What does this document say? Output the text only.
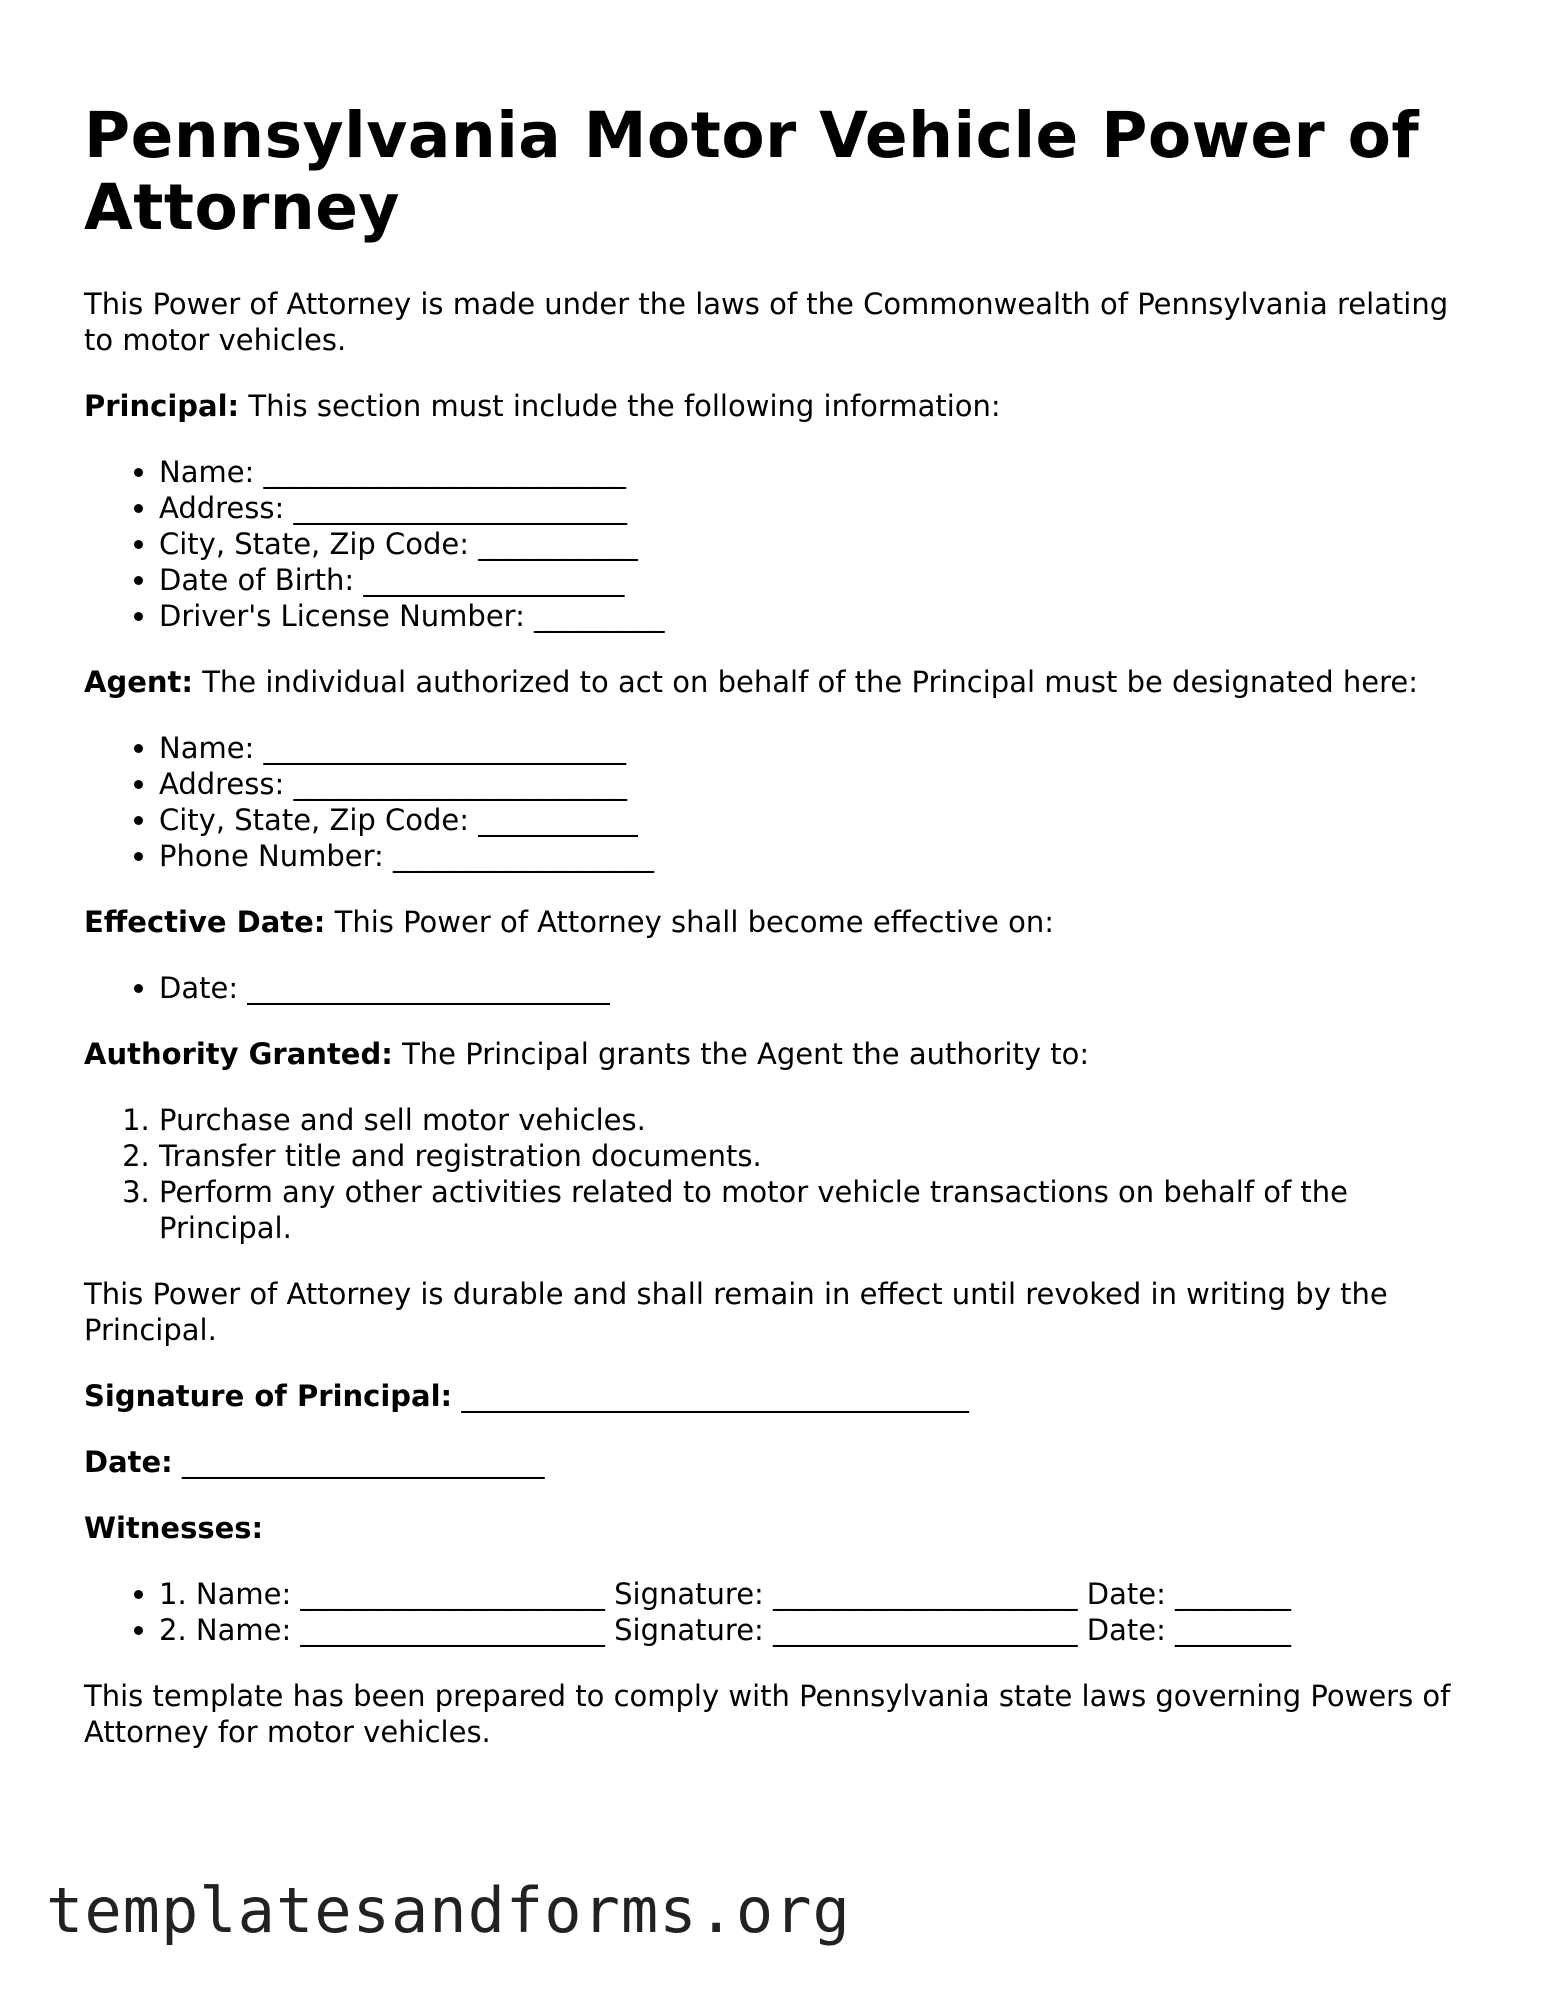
Pennsylvania Motor Vehicle Power of Attorney

This Power of Attorney is made under the laws of the Commonwealth of Pennsylvania relating to motor vehicles.

Principal: This section must include the following information:

• Name: _________________________
• Address: _______________________
• City, State, Zip Code: ___________
• Date of Birth: __________________
• Driver's License Number: _________

Agent: The individual authorized to act on behalf of the Principal must be designated here:

• Name: _________________________
• Address: _______________________
• City, State, Zip Code: ___________
• Phone Number: __________________

Effective Date: This Power of Attorney shall become effective on:

• Date: _________________________

Authority Granted: The Principal grants the Agent the authority to:

1. Purchase and sell motor vehicles.
2. Transfer title and registration documents.
3. Perform any other activities related to motor vehicle transactions on behalf of the Principal.

This Power of Attorney is durable and shall remain in effect until revoked in writing by the Principal.

Signature of Principal: ___________________________________

Date: _________________________

Witnesses:

• 1. Name: _____________________ Signature: _____________________ Date: ________
• 2. Name: _____________________ Signature: _____________________ Date: ________

This template has been prepared to comply with Pennsylvania state laws governing Powers of Attorney for motor vehicles.

templatesandforms.org
